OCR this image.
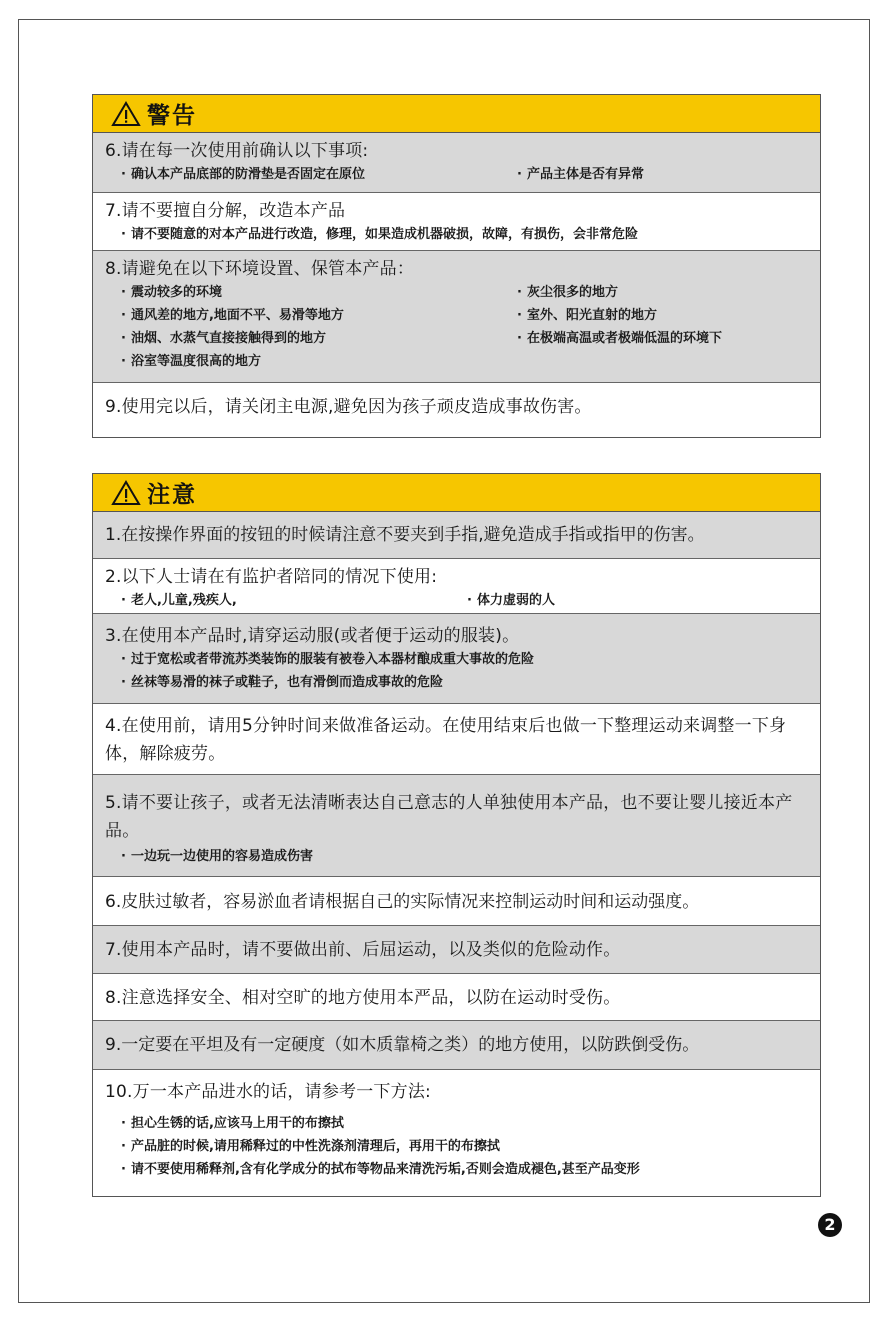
警告
6.请在每一次使用前确认以下事项:
· 确认本产品底部的防滑垫是否固定在原位	· 产品主体是否有异常
7.请不要擅自分解，改造本产品
· 请不要随意的对本产品进行改造，修理，如果造成机器破损，故障，有损伤，会非常危险
8.请避免在以下环境设置、保管本产品：
· 震动较多的环境	· 灰尘很多的地方
· 通风差的地方,地面不平、易滑等地方	· 室外、阳光直射的地方
· 油烟、水蒸气直接接触得到的地方	· 在极端高温或者极端低温的环境下
· 浴室等温度很高的地方
9.使用完以后，请关闭主电源,避免因为孩子顽皮造成事故伤害。
注意
1.在按操作界面的按钮的时候请注意不要夹到手指,避免造成手指或指甲的伤害。
2.以下人士请在有监护者陪同的情况下使用:
· 老人,儿童,残疾人,	· 体力虚弱的人
3.在使用本产品时,请穿运动服(或者便于运动的服装)。
· 过于宽松或者带流苏类装饰的服装有被卷入本器材酿成重大事故的危险
· 丝袜等易滑的袜子或鞋子，也有滑倒而造成事故的危险
4.在使用前，请用5分钟时间来做准备运动。在使用结束后也做一下整理运动来调整一下身体，解除疲劳。
5.请不要让孩子，或者无法清晰表达自己意志的人单独使用本产品，也不要让婴儿接近本产品。
· 一边玩一边使用的容易造成伤害
6.皮肤过敏者，容易淤血者请根据自己的实际情况来控制运动时间和运动强度。
7.使用本产品时，请不要做出前、后屈运动，以及类似的危险动作。
8.注意选择安全、相对空旷的地方使用本严品，以防在运动时受伤。
9.一定要在平坦及有一定硬度（如木质靠椅之类）的地方使用，以防跌倒受伤。
10.万一本产品进水的话，请参考一下方法:
· 担心生锈的话,应该马上用干的布擦拭
· 产品脏的时候,请用稀释过的中性洗涤剂清理后，再用干的布擦拭
· 请不要使用稀释剂,含有化学成分的拭布等物品来清洗污垢,否则会造成褪色,甚至产品变形
2
